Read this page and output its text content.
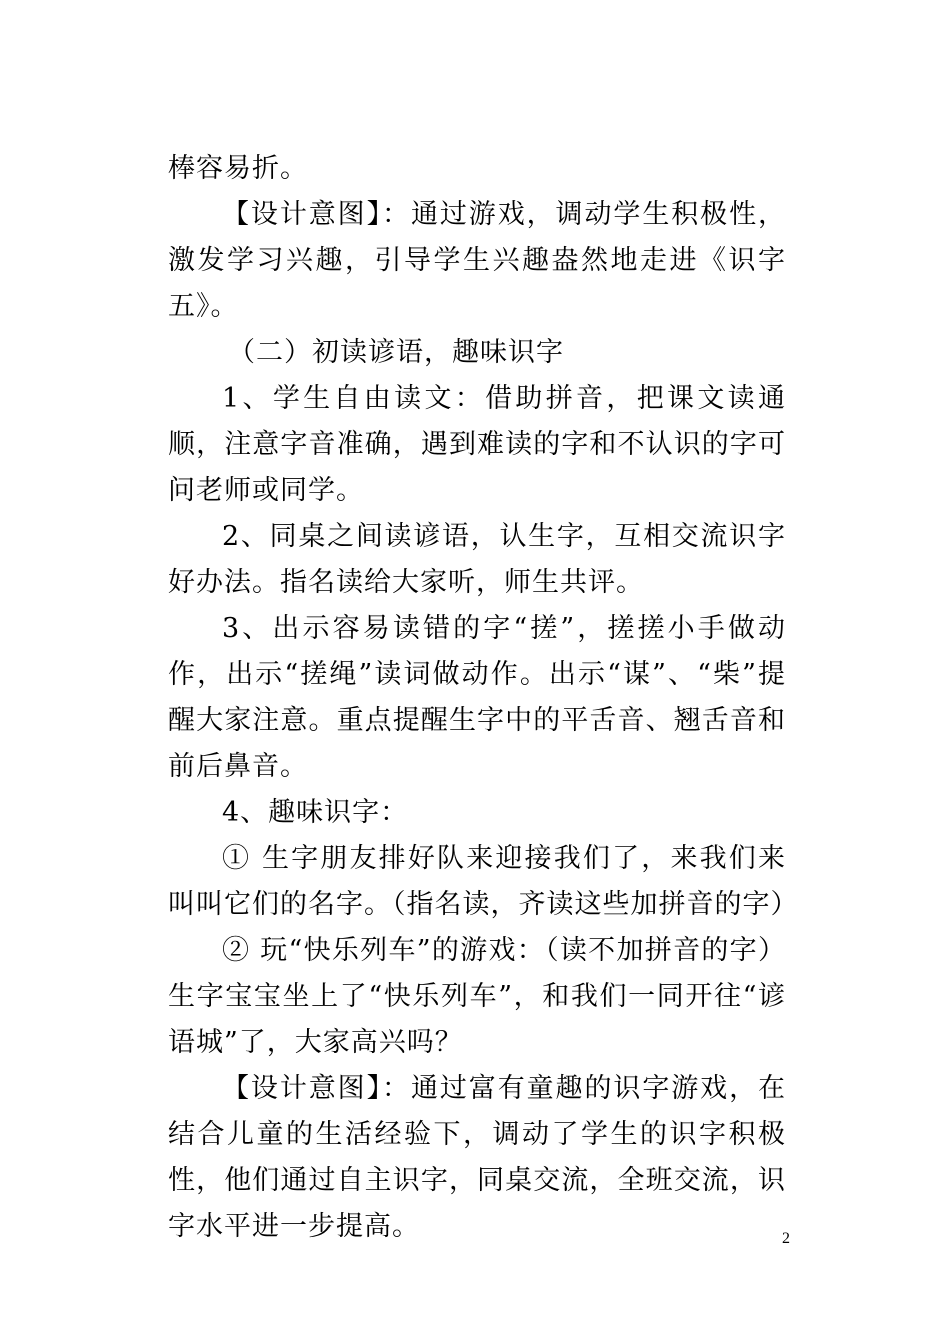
棒容易折。

【设计意图】：通过游戏，调动学生积极性，激发学习兴趣，引导学生兴趣盎然地走进《识字五》。

（二）初读谚语，趣味识字

1、学生自由读文：借助拼音，把课文读通顺，注意字音准确，遇到难读的字和不认识的字可问老师或同学。

2、同桌之间读谚语，认生字，互相交流识字好办法。指名读给大家听，师生共评。

3、出示容易读错的字“搓”，搓搓小手做动作，出示“搓绳”读词做动作。出示“谋”、“柴”提醒大家注意。重点提醒生字中的平舌音、翘舌音和前后鼻音。

4、趣味识字：

① 生字朋友排好队来迎接我们了，来我们来叫叫它们的名字。（指名读，齐读这些加拼音的字）

② 玩“快乐列车”的游戏：（读不加拼音的字）生字宝宝坐上了“快乐列车”，和我们一同开往“谚语城”了，大家高兴吗？

【设计意图】：通过富有童趣的识字游戏，在结合儿童的生活经验下，调动了学生的识字积极性，他们通过自主识字，同桌交流，全班交流，识字水平进一步提高。	2
